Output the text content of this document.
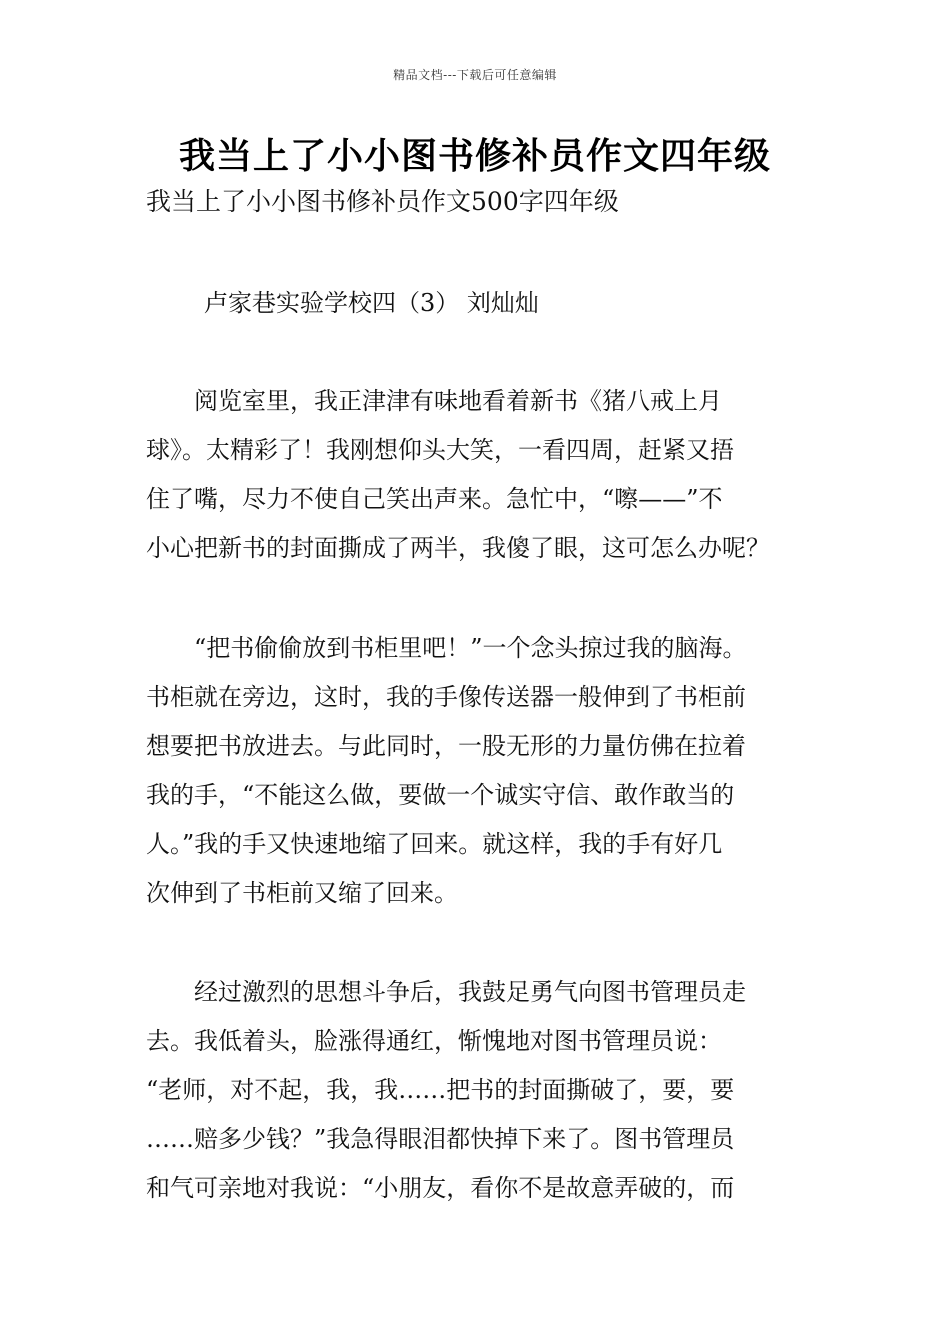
精品文档---下载后可任意编辑
我当上了小小图书修补员作文四年级
我当上了小小图书修补员作文500字四年级
卢家巷实验学校四（3） 刘灿灿
　　阅览室里，我正津津有味地看着新书《猪八戒上月
球》。太精彩了！我刚想仰头大笑，一看四周，赶紧又捂
住了嘴，尽力不使自己笑出声来。急忙中，“嚓——”不
小心把新书的封面撕成了两半，我傻了眼，这可怎么办呢？
　　“把书偷偷放到书柜里吧！”一个念头掠过我的脑海。
书柜就在旁边，这时，我的手像传送器一般伸到了书柜前
想要把书放进去。与此同时，一股无形的力量仿佛在拉着
我的手，“不能这么做，要做一个诚实守信、敢作敢当的
人。”我的手又快速地缩了回来。就这样，我的手有好几
次伸到了书柜前又缩了回来。
　　经过激烈的思想斗争后，我鼓足勇气向图书管理员走
去。我低着头，脸涨得通红，惭愧地对图书管理员说：
“老师，对不起，我，我……把书的封面撕破了，要，要
……赔多少钱？”我急得眼泪都快掉下来了。图书管理员
和气可亲地对我说：“小朋友，看你不是故意弄破的，而
